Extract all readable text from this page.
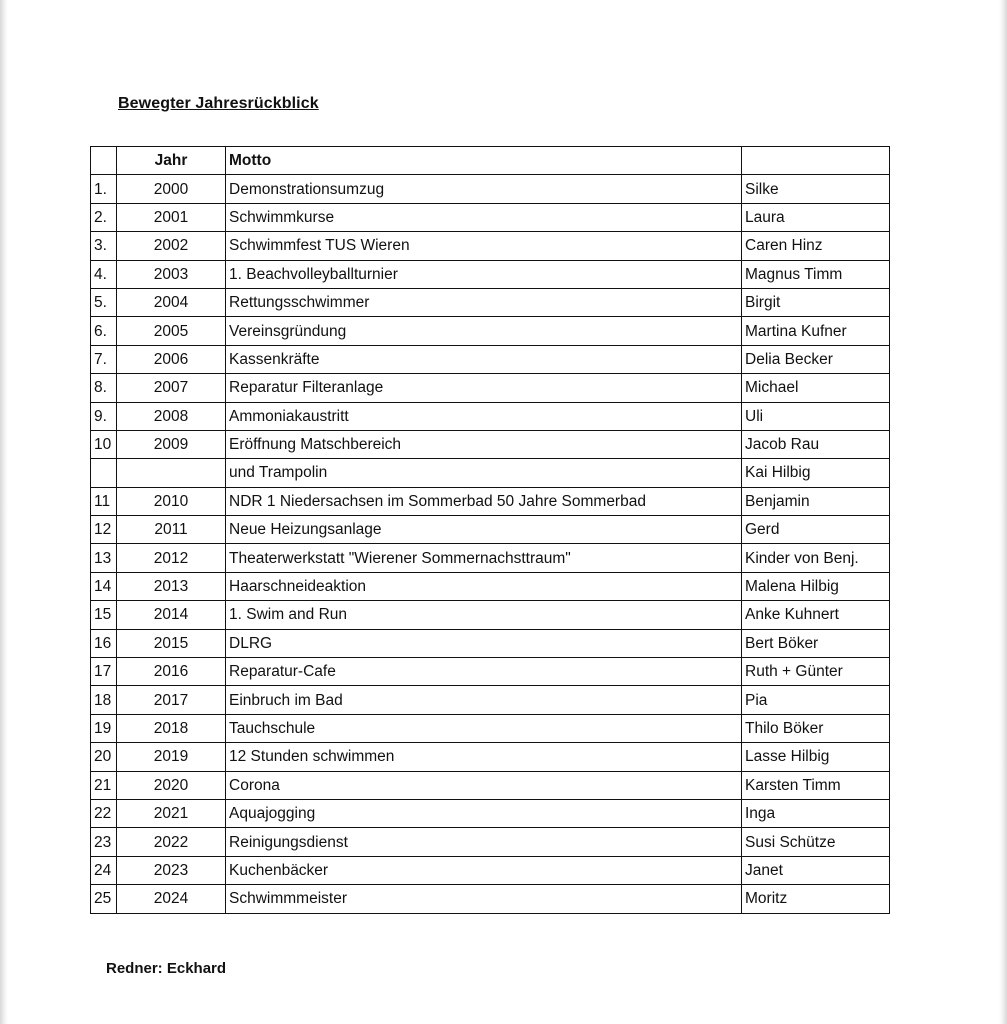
Bewegter Jahresrückblick
	Jahr	Motto	
1.	2000	Demonstrationsumzug	Silke
2.	2001	Schwimmkurse	Laura
3.	2002	Schwimmfest TUS Wieren	Caren Hinz
4.	2003	1. Beachvolleyballturnier	Magnus Timm
5.	2004	Rettungsschwimmer	Birgit
6.	2005	Vereinsgründung	Martina Kufner
7.	2006	Kassenkräfte	Delia Becker
8.	2007	Reparatur Filteranlage	Michael
9.	2008	Ammoniakaustritt	Uli
10	2009	Eröffnung Matschbereich	Jacob Rau
		und Trampolin	Kai Hilbig
11	2010	NDR 1 Niedersachsen im Sommerbad 50 Jahre Sommerbad	Benjamin
12	2011	Neue Heizungsanlage	Gerd
13	2012	Theaterwerkstatt "Wierener Sommernachsttraum"	Kinder von Benj.
14	2013	Haarschneideaktion	Malena Hilbig
15	2014	1. Swim and Run	Anke Kuhnert
16	2015	DLRG	Bert Böker
17	2016	Reparatur-Cafe	Ruth + Günter
18	2017	Einbruch im Bad	Pia
19	2018	Tauchschule	Thilo Böker
20	2019	12 Stunden schwimmen	Lasse Hilbig
21	2020	Corona	Karsten Timm
22	2021	Aquajogging	Inga
23	2022	Reinigungsdienst	Susi Schütze
24	2023	Kuchenbäcker	Janet
25	2024	Schwimmmeister	Moritz
Redner: Eckhard
